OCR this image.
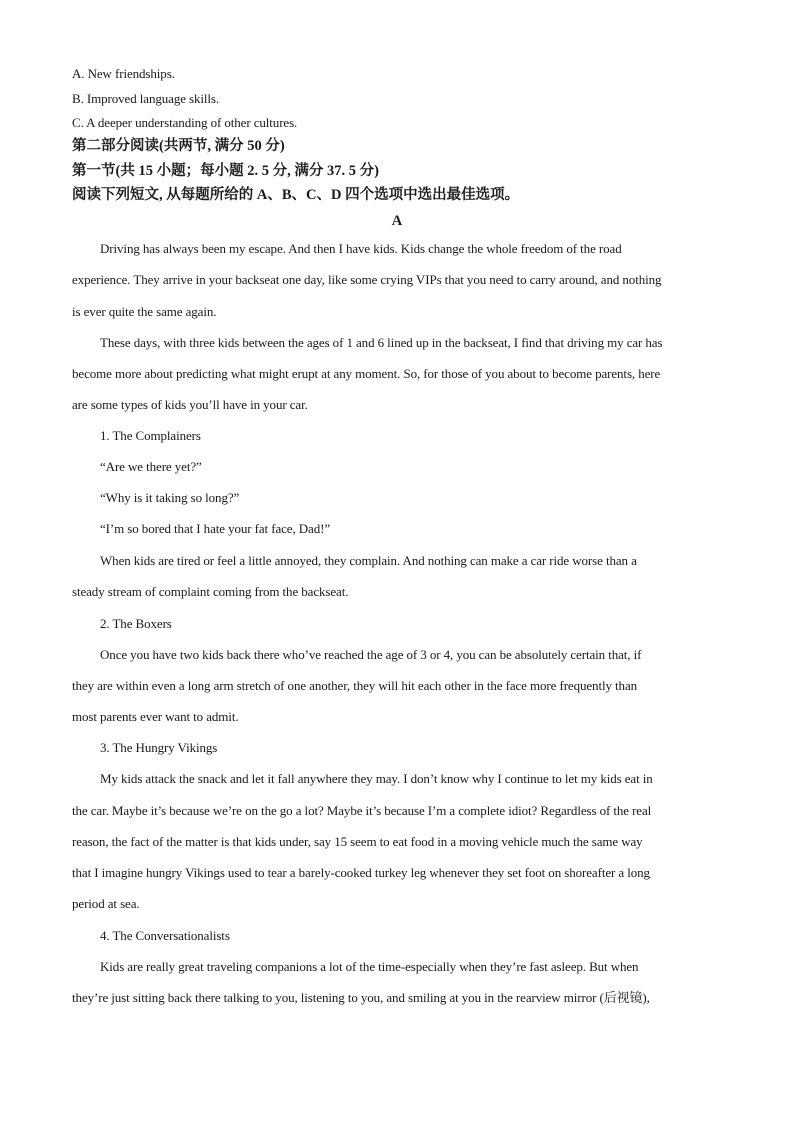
A. New friendships.
B. Improved language skills.
C. A deeper understanding of other cultures.
第二部分阅读(共两节, 满分 50 分)
第一节(共 15 小题；每小题 2. 5 分, 满分 37. 5 分)
阅读下列短文, 从每题所给的 A、B、C、D 四个选项中选出最佳选项。
A
Driving has always been my escape. And then I have kids. Kids change the whole freedom of the road
experience. They arrive in your backseat one day, like some crying VIPs that you need to carry around, and nothing
is ever quite the same again.
These days, with three kids between the ages of 1 and 6 lined up in the backseat, I find that driving my car has
become more about predicting what might erupt at any moment. So, for those of you about to become parents, here
are some types of kids you’ll have in your car.
1. The Complainers
“Are we there yet?”
“Why is it taking so long?”
“I’m so bored that I hate your fat face, Dad!”
When kids are tired or feel a little annoyed, they complain. And nothing can make a car ride worse than a
steady stream of complaint coming from the backseat.
2. The Boxers
Once you have two kids back there who’ve reached the age of 3 or 4, you can be absolutely certain that, if
they are within even a long arm stretch of one another, they will hit each other in the face more frequently than
most parents ever want to admit.
3. The Hungry Vikings
My kids attack the snack and let it fall anywhere they may. I don’t know why I continue to let my kids eat in
the car. Maybe it’s because we’re on the go a lot? Maybe it’s because I’m a complete idiot? Regardless of the real
reason, the fact of the matter is that kids under, say 15 seem to eat food in a moving vehicle much the same way
that I imagine hungry Vikings used to tear a barely-cooked turkey leg whenever they set foot on shoreafter a long
period at sea.
4. The Conversationalists
Kids are really great traveling companions a lot of the time-especially when they’re fast asleep. But when
they’re just sitting back there talking to you, listening to you, and smiling at you in the rearview mirror (后视镜),
